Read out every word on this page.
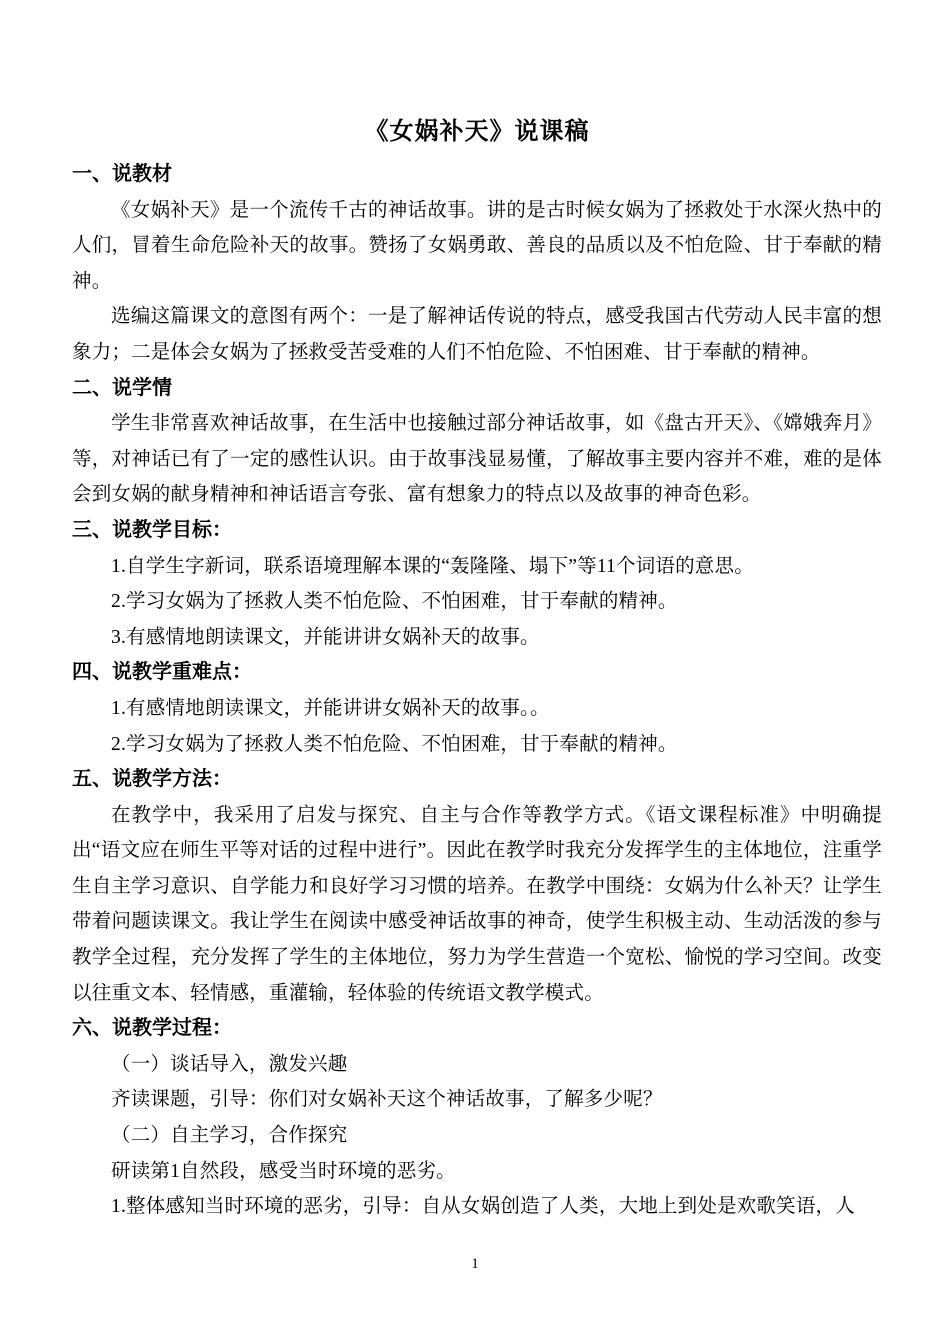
《女娲补天》说课稿
一、说教材

《女娲补天》是一个流传千古的神话故事。讲的是古时候女娲为了拯救处于水深火热中的人们，冒着生命危险补天的故事。赞扬了女娲勇敢、善良的品质以及不怕危险、甘于奉献的精神。

选编这篇课文的意图有两个：一是了解神话传说的特点，感受我国古代劳动人民丰富的想象力；二是体会女娲为了拯救受苦受难的人们不怕危险、不怕困难、甘于奉献的精神。

二、说学情

学生非常喜欢神话故事，在生活中也接触过部分神话故事，如《盘古开天》、《嫦娥奔月》等，对神话已有了一定的感性认识。由于故事浅显易懂，了解故事主要内容并不难，难的是体会到女娲的献身精神和神话语言夸张、富有想象力的特点以及故事的神奇色彩。

三、说教学目标：

1.自学生字新词，联系语境理解本课的“轰隆隆、塌下”等11个词语的意思。

2.学习女娲为了拯救人类不怕危险、不怕困难，甘于奉献的精神。

3.有感情地朗读课文，并能讲讲女娲补天的故事。

四、说教学重难点：

1.有感情地朗读课文，并能讲讲女娲补天的故事。。

2.学习女娲为了拯救人类不怕危险、不怕困难，甘于奉献的精神。

五、说教学方法：

在教学中，我采用了启发与探究、自主与合作等教学方式。《语文课程标准》中明确提出“语文应在师生平等对话的过程中进行”。因此在教学时我充分发挥学生的主体地位，注重学生自主学习意识、自学能力和良好学习习惯的培养。在教学中围绕：女娲为什么补天？让学生带着问题读课文。我让学生在阅读中感受神话故事的神奇，使学生积极主动、生动活泼的参与教学全过程，充分发挥了学生的主体地位，努力为学生营造一个宽松、愉悦的学习空间。改变以往重文本、轻情感，重灌输，轻体验的传统语文教学模式。

六、说教学过程：

（一）谈话导入，激发兴趣

齐读课题，引导：你们对女娲补天这个神话故事，了解多少呢？

（二）自主学习，合作探究

研读第1自然段，感受当时环境的恶劣。

1.整体感知当时环境的恶劣，引导：自从女娲创造了人类，大地上到处是欢歌笑语，人

1
